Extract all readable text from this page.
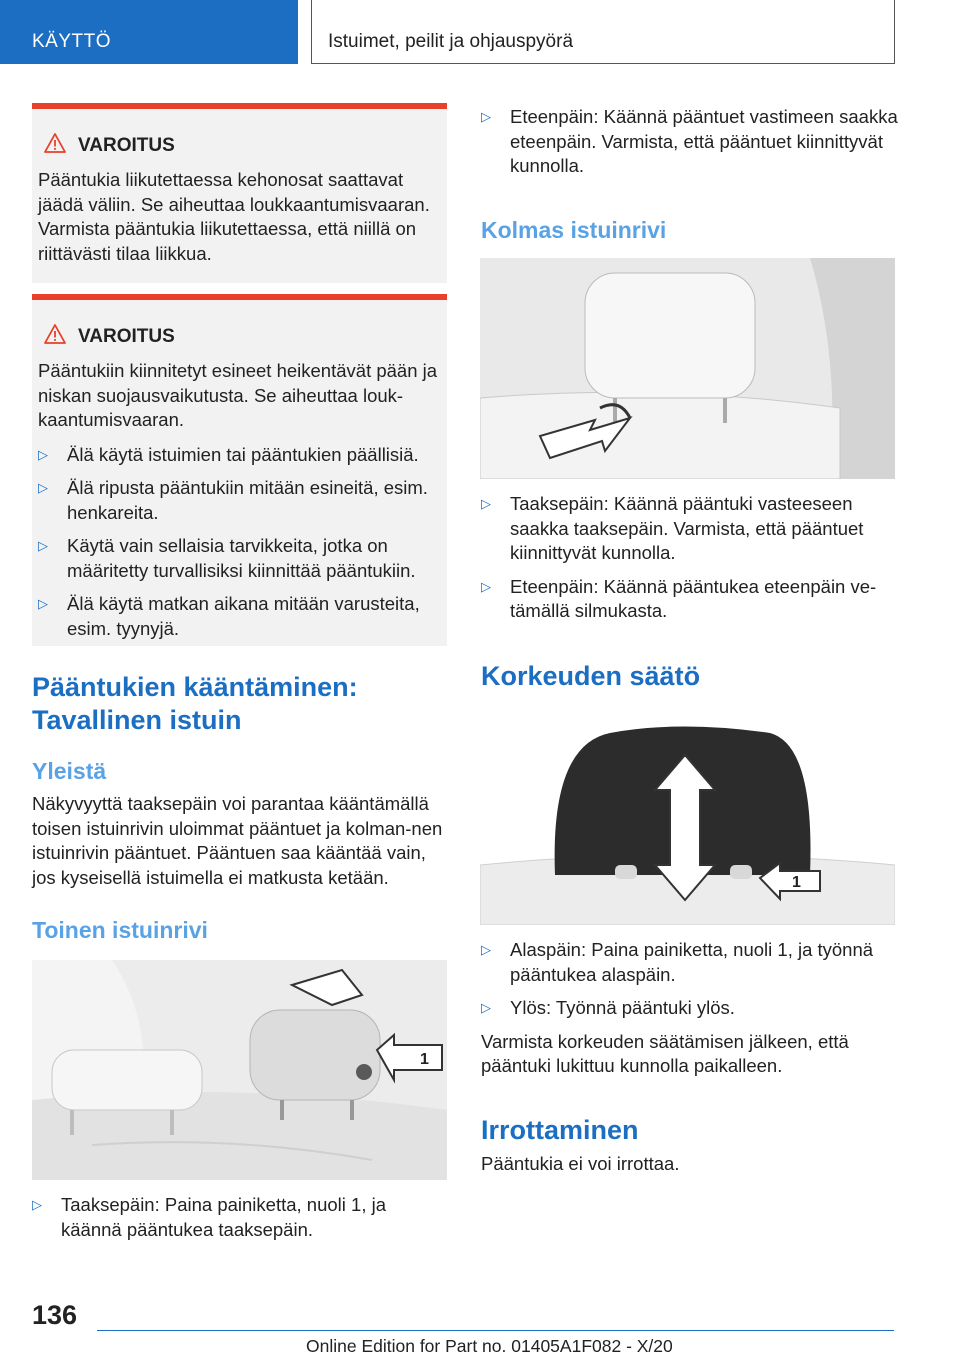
KÄYTTÖ	Istuimet, peilit ja ohjauspyörä
VAROITUS
Pääntukia liikutettaessa kehonosat saattavat jäädä väliin. Se aiheuttaa loukkaantumisvaaran. Varmista pääntukia liikutettaessa, että niillä on riittävästi tilaa liikkua.
VAROITUS
Pääntukiin kiinnitetyt esineet heikentävät pään ja niskan suojausvaikutusta. Se aiheuttaa louk-kaantumisvaaran.
▷ Älä käytä istuimien tai pääntukien päällisiä.
▷ Älä ripusta pääntukiin mitään esineitä, esim. henkareita.
▷ Käytä vain sellaisia tarvikkeita, jotka on määritetty turvallisiksi kiinnittää pääntukiin.
▷ Älä käytä matkan aikana mitään varusteita, esim. tyynyjä.
Pääntukien kääntäminen: Tavallinen istuin
Yleistä
Näkyvyyttä taaksepäin voi parantaa kääntämällä toisen istuinrivin uloimmat pääntuet ja kolman-nen istuinrivin pääntuet. Pääntuen saa kääntää vain, jos kyseisellä istuimella ei matkusta ketään.
Toinen istuinrivi
1
▷ Taaksepäin: Paina painiketta, nuoli 1, ja käännä pääntukea taaksepäin.
▷ Eteenpäin: Käännä pääntuet vastimeen saakka eteenpäin. Varmista, että pääntuet kiinnittyvät kunnolla.
Kolmas istuinrivi
▷ Taaksepäin: Käännä pääntuki vasteeseen saakka taaksepäin. Varmista, että pääntuet kiinnittyvät kunnolla.
▷ Eteenpäin: Käännä pääntukea eteenpäin ve-tämällä silmukasta.
Korkeuden säätö
1
▷ Alaspäin: Paina painiketta, nuoli 1, ja työnnä pääntukea alaspäin.
▷ Ylös: Työnnä pääntuki ylös.
Varmista korkeuden säätämisen jälkeen, että pääntuki lukittuu kunnolla paikalleen.
Irrottaminen
Pääntukia ei voi irrottaa.
136
Online Edition for Part no. 01405A1F082 - X/20
